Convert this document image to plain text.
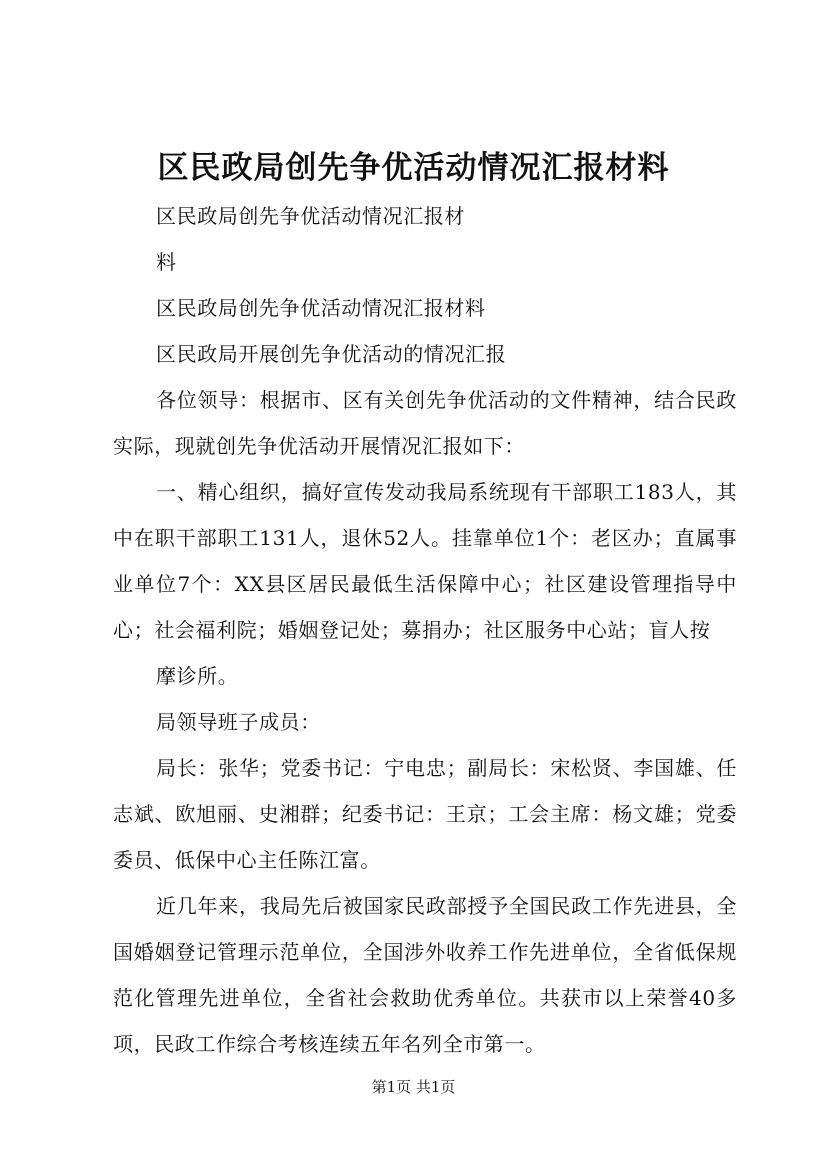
区民政局创先争优活动情况汇报材料

区民政局创先争优活动情况汇报材

料

区民政局创先争优活动情况汇报材料

区民政局开展创先争优活动的情况汇报

各位领导：根据市、区有关创先争优活动的文件精神，结合民政实际，现就创先争优活动开展情况汇报如下：

一、精心组织，搞好宣传发动我局系统现有干部职工183人，其中在职干部职工131人，退休52人。挂靠单位1个：老区办；直属事业单位7个：XX县区居民最低生活保障中心；社区建设管理指导中心；社会福利院；婚姻登记处；募捐办；社区服务中心站；盲人按

摩诊所。

局领导班子成员：

局长：张华；党委书记：宁电忠；副局长：宋松贤、李国雄、任志斌、欧旭丽、史湘群；纪委书记：王京；工会主席：杨文雄；党委委员、低保中心主任陈江富。

近几年来，我局先后被国家民政部授予全国民政工作先进县，全国婚姻登记管理示范单位，全国涉外收养工作先进单位，全省低保规范化管理先进单位，全省社会救助优秀单位。共获市以上荣誉40多项，民政工作综合考核连续五年名列全市第一。

第1页 共1页
